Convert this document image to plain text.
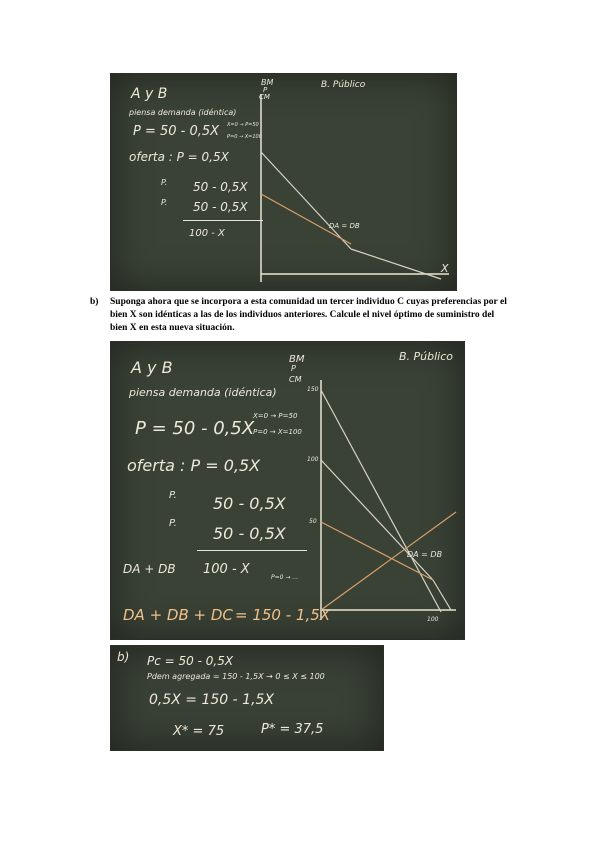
A y B
B. Público
BM
P
CM
X
piensa demanda (idéntica)
P = 50 - 0,5X X=0 → P=50
P=0 → X=100
oferta : P = 0,5X
P. 50 - 0,5X
P. 50 - 0,5X
100 - X
DA = DB
b) Suponga ahora que se incorpora a esta comunidad un tercer individuo C cuyas preferencias por el bien X son idénticas a las de los individuos anteriores. Calcule el nivel óptimo de suministro del bien X en esta nueva situación.
A y B
B. Público
BM
P
CM
150
100
50
piensa demanda (idéntica)
P = 50 - 0,5X
X=0 → P=50
P=0 → X=100
oferta : P = 0,5X
P. 50 - 0,5X
P.
50 - 0,5X
DA + DB 100 - X
P=0 → ...
DA + DB + DC = 150 - 1,5X
DA = DB
100
b) Pc = 50 - 0,5X
Pdem agregada = 150 - 1,5X → 0 ≤ X ≤ 100
0,5X = 150 - 1,5X
X* = 75	P* = 37,5
